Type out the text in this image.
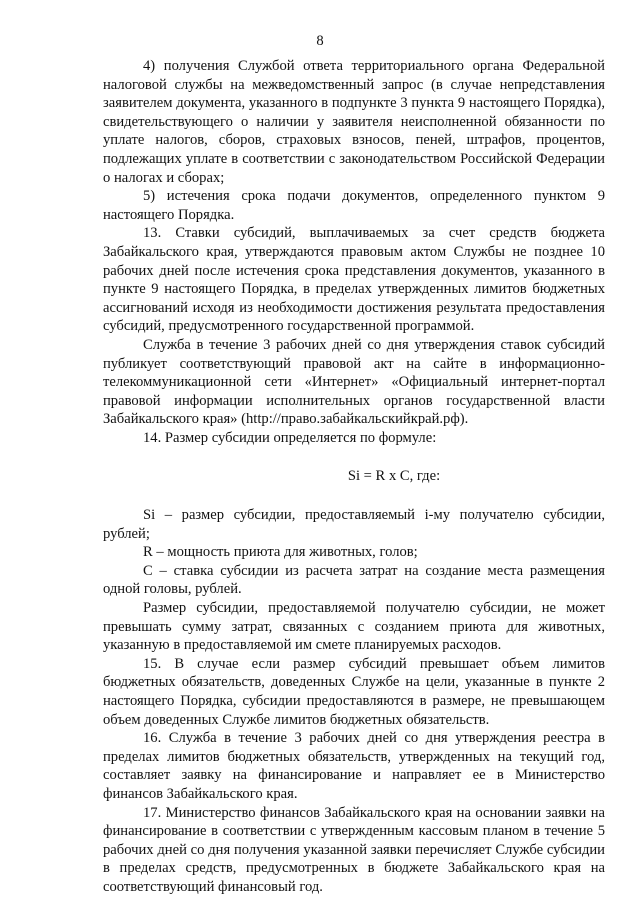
8

4) получения Службой ответа территориального органа Федеральной налоговой службы на межведомственный запрос (в случае непредставления заявителем документа, указанного в подпункте 3 пункта 9 настоящего Порядка), свидетельствующего о наличии у заявителя неисполненной обязанности по уплате налогов, сборов, страховых взносов, пеней, штрафов, процентов, подлежащих уплате в соответствии с законодательством Российской Федерации о налогах и сборах;

5) истечения срока подачи документов, определенного пунктом 9 настоящего Порядка.

13. Ставки субсидий, выплачиваемых за счет средств бюджета Забайкальского края, утверждаются правовым актом Службы не позднее 10 рабочих дней после истечения срока представления документов, указанного в пункте 9 настоящего Порядка, в пределах утвержденных лимитов бюджетных ассигнований исходя из необходимости достижения результата предоставления субсидий, предусмотренного государственной программой.

Служба в течение 3 рабочих дней со дня утверждения ставок субсидий публикует соответствующий правовой акт на сайте в информационно-телекоммуникационной сети «Интернет» «Официальный интернет-портал правовой информации исполнительных органов государственной власти Забайкальского края» (http://право.забайкальскийкрай.рф).

14. Размер субсидии определяется по формуле:

Si = R x C, где:

Si – размер субсидии, предоставляемый i-му получателю субсидии, рублей;

R – мощность приюта для животных, голов;

C – ставка субсидии из расчета затрат на создание места размещения одной головы, рублей.

Размер субсидии, предоставляемой получателю субсидии, не может превышать сумму затрат, связанных с созданием приюта для животных, указанную в предоставляемой им смете планируемых расходов.

15. В случае если размер субсидий превышает объем лимитов бюджетных обязательств, доведенных Службе на цели, указанные в пункте 2 настоящего Порядка, субсидии предоставляются в размере, не превышающем объем доведенных Службе лимитов бюджетных обязательств.

16. Служба в течение 3 рабочих дней со дня утверждения реестра в пределах лимитов бюджетных обязательств, утвержденных на текущий год, составляет заявку на финансирование и направляет ее в Министерство финансов Забайкальского края.

17. Министерство финансов Забайкальского края на основании заявки на финансирование в соответствии с утвержденным кассовым планом в течение 5 рабочих дней со дня получения указанной заявки перечисляет Службе субсидии в пределах средств, предусмотренных в бюджете Забайкальского края на соответствующий финансовый год.
